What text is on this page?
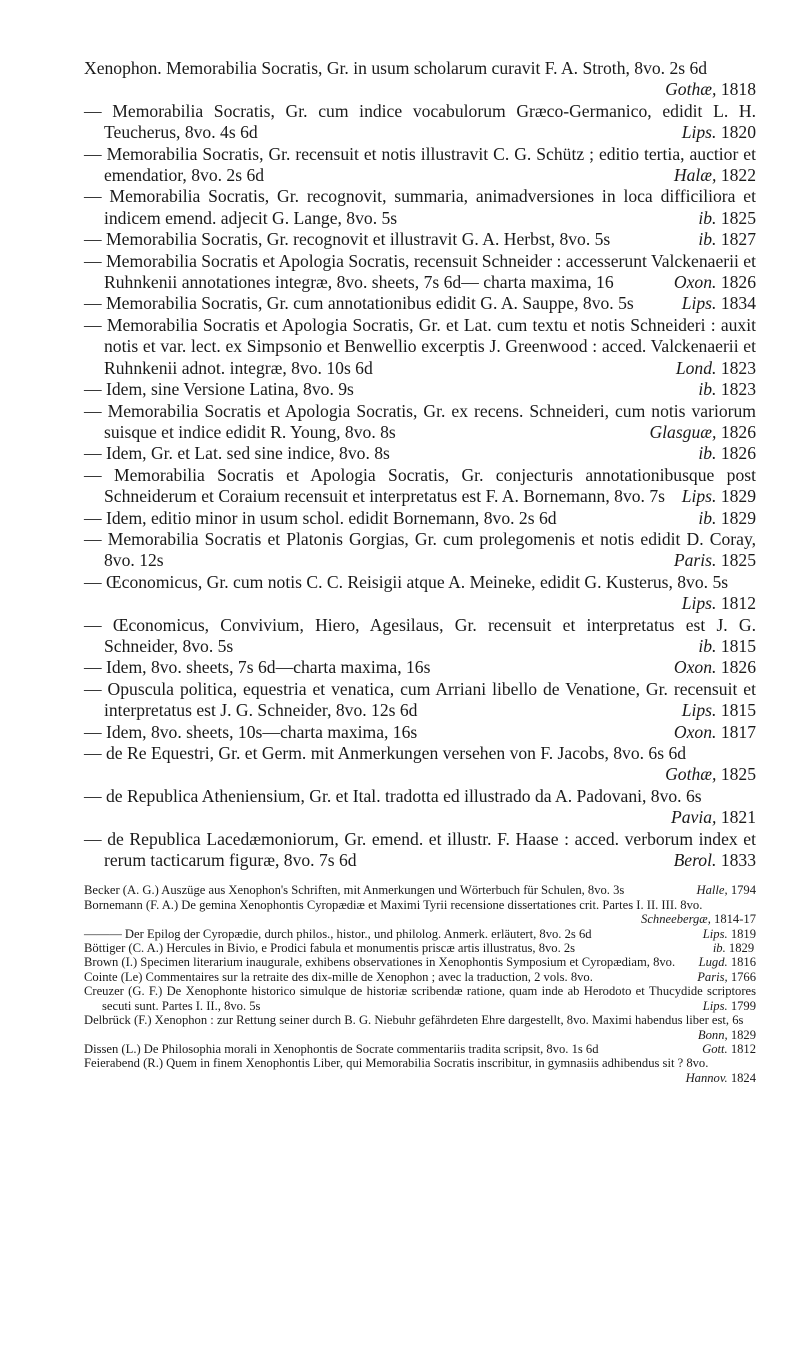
Xenophon. Memorabilia Socratis, Gr. in usum scholarum curavit F. A. Stroth, 8vo. 2s 6d
Gothæ, 1818
— Memorabilia Socratis, Gr. cum indice vocabulorum Græco-Germanico, edidit L. H. Teucherus, 8vo. 4s 6d	Lips. 1820
— Memorabilia Socratis, Gr. recensuit et notis illustravit C. G. Schütz ; editio tertia, auctior et emendatior, 8vo. 2s 6d	Halæ, 1822
— Memorabilia Socratis, Gr. recognovit, summaria, animadversiones in loca difficiliora et indicem emend. adjecit G. Lange, 8vo. 5s	ib. 1825
— Memorabilia Socratis, Gr. recognovit et illustravit G. A. Herbst, 8vo. 5s	ib. 1827
— Memorabilia Socratis et Apologia Socratis, recensuit Schneider : accesserunt Valckenaerii et Ruhnkenii annotationes integræ, 8vo. sheets, 7s 6d— charta maxima, 16	Oxon. 1826
— Memorabilia Socratis, Gr. cum annotationibus edidit G. A. Sauppe, 8vo. 5s	Lips. 1834
— Memorabilia Socratis et Apologia Socratis, Gr. et Lat. cum textu et notis Schneideri : auxit notis et var. lect. ex Simpsonio et Benwellio excerptis J. Greenwood : acced. Valckenaerii et Ruhnkenii adnot. integræ, 8vo. 10s 6d	Lond. 1823
— Idem, sine Versione Latina, 8vo. 9s	ib. 1823
— Memorabilia Socratis et Apologia Socratis, Gr. ex recens. Schneideri, cum notis variorum suisque et indice edidit R. Young, 8vo. 8s	Glasguæ, 1826
— Idem, Gr. et Lat. sed sine indice, 8vo. 8s	ib. 1826
— Memorabilia Socratis et Apologia Socratis, Gr. conjecturis annotationibusque post Schneiderum et Coraium recensuit et interpretatus est F. A. Bornemann, 8vo. 7s Lips. 1829
— Idem, editio minor in usum schol. edidit Bornemann, 8vo. 2s 6d	ib. 1829
— Memorabilia Socratis et Platonis Gorgias, Gr. cum prolegomenis et notis edidit D. Coray, 8vo. 12s	Paris. 1825
— Œconomicus, Gr. cum notis C. C. Reisigii atque A. Meineke, edidit G. Kusterus, 8vo. 5s
Lips. 1812
— Œconomicus, Convivium, Hiero, Agesilaus, Gr. recensuit et interpretatus est J. G. Schneider, 8vo. 5s	ib. 1815
— Idem, 8vo. sheets, 7s 6d—charta maxima, 16s	Oxon. 1826
— Opuscula politica, equestria et venatica, cum Arriani libello de Venatione, Gr. recensuit et interpretatus est J. G. Schneider, 8vo. 12s 6d	Lips. 1815
— Idem, 8vo. sheets, 10s—charta maxima, 16s	Oxon. 1817
— de Re Equestri, Gr. et Germ. mit Anmerkungen versehen von F. Jacobs, 8vo. 6s 6d
Gothæ, 1825
— de Republica Atheniensium, Gr. et Ital. tradotta ed illustrado da A. Padovani, 8vo. 6s
Pavia, 1821
— de Republica Lacedæmoniorum, Gr. emend. et illustr. F. Haase : acced. verborum index et rerum tacticarum figuræ, 8vo. 7s 6d	Berol. 1833
Becker (A. G.) Auszüge aus Xenophon's Schriften, mit Anmerkungen und Wörterbuch für Schulen, 8vo. 3s	Halle, 1794
Bornemann (F. A.) De gemina Xenophontis Cyropædiæ et Maximi Tyrii recensione dissertationes crit. Partes I. II. III. 8vo.
Schneebergæ, 1814-17
——— Der Epilog der Cyropædie, durch philos., histor., und philolog. Anmerk. erläutert, 8vo. 2s 6d	Lips. 1819
Böttiger (C. A.) Hercules in Bivio, e Prodici fabula et monumentis priscæ artis illustratus, 8vo. 2s	ib. 1829
Brown (I.) Specimen literarium inaugurale, exhibens observationes in Xenophontis Symposium et Cyropædiam, 8vo. Lugd. 1816
Cointe (Le) Commentaires sur la retraite des dix-mille de Xenophon ; avec la traduction, 2 vols. 8vo.	Paris, 1766
Creuzer (G. F.) De Xenophonte historico simulque de historiæ scribendæ ratione, quam inde ab Herodoto et Thucydide scriptores secuti sunt. Partes I. II., 8vo. 5s	Lips. 1799
Delbrück (F.) Xenophon : zur Rettung seiner durch B. G. Niebuhr gefährdeten Ehre dargestellt, 8vo. Maximi habendus liber est, 6s
Bonn, 1829
Dissen (L.) De Philosophia morali in Xenophontis de Socrate commentariis tradita scripsit, 8vo. 1s 6d	Gott. 1812
Feierabend (R.) Quem in finem Xenophontis Liber, qui Memorabilia Socratis inscribitur, in gymnasiis adhibendus sit ? 8vo.
Hannov. 1824
